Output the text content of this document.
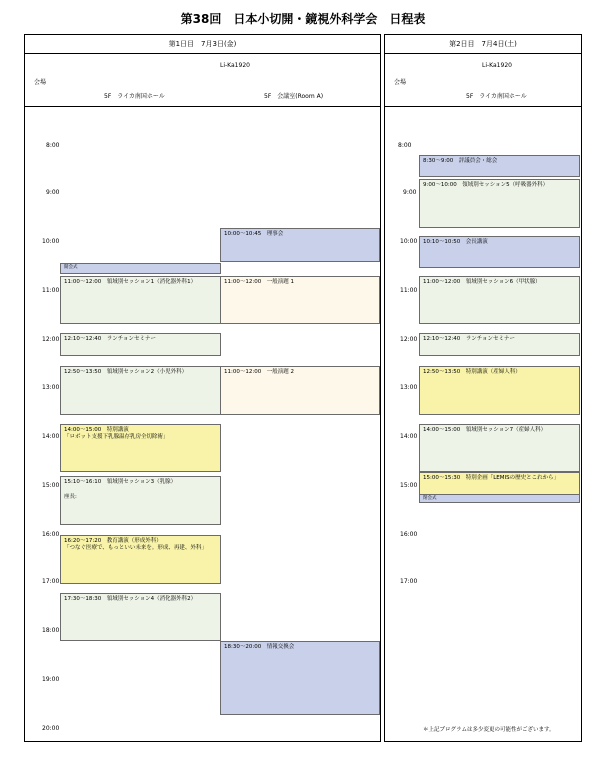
第38回　日本小切開・鏡視外科学会　日程表
第1日目　7月3日(金)
Li-Ka1920
会場
5F　ライカ南国ホール	5F　会議室(Room A)
第2日目　7月4日(土)
Li-Ka1920
会場
5F　ライカ南国ホール
8:00
9:00
10:00
11:00
12:00
13:00
14:00
15:00
16:00
17:00
18:00
19:00
20:00
開会式
11:00～12:00　領域別セッション1（消化器外科1）
12:10～12:40　ランチョンセミナー
12:50～13:50　領域別セッション2（小児外科）
14:00～15:00　特別講演
「ロボット支援下乳腺温存乳房全切除術」
15:10～16:10　領域別セッション3（乳腺）
座長:
16:20～17:20　教育講演（形成外科）
「つなぐ医療で、もっといい未来を。形成、再建、外科」
17:30～18:30　領域別セッション4（消化器外科2）
10:00～10:45　理事会
11:00～12:00　一般演題 1
11:00～12:00　一般演題 2
18:30～20:00　情報交換会
8:00
9:00
10:00
11:00
12:00
13:00
14:00
15:00
16:00
17:00
8:30～9:00　評議員会・総会
9:00～10:00　領域別セッション5（呼吸器外科）
10:10～10:50　会長講演
11:00～12:00　領域別セッション6（甲状腺）
12:10～12:40　ランチョンセミナー
12:50～13:50　特別講演（産婦人科）
14:00～15:00　領域別セッション7（産婦人科）
15:00～15:30　特別企画「LEMISの歴史とこれから」
閉会式
＊上記プログラムは多少変更の可能性がございます。
